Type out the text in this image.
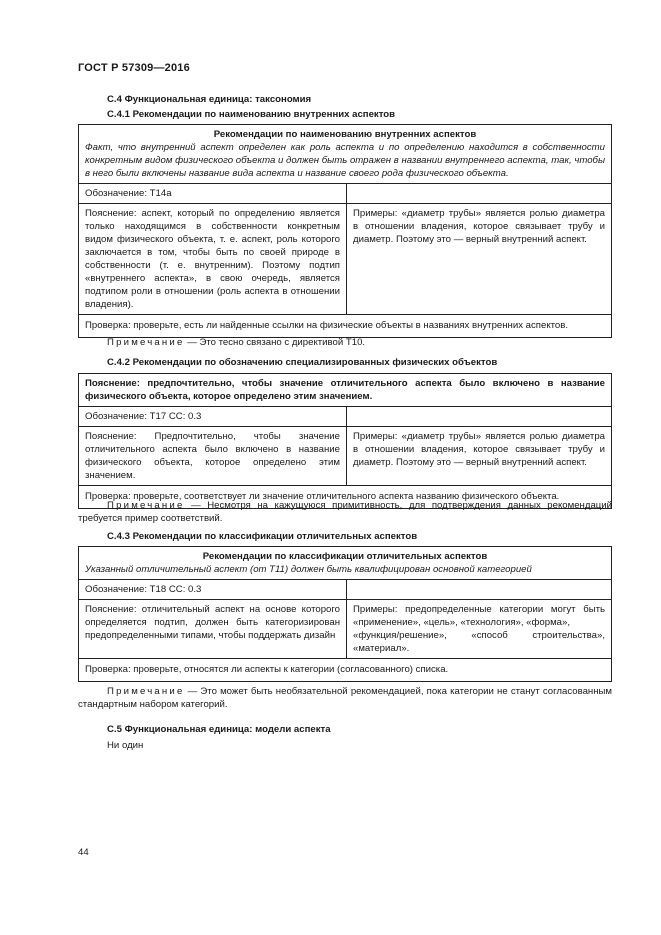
ГОСТ Р 57309—2016
С.4 Функциональная единица: таксономия
С.4.1 Рекомендации по наименованию внутренних аспектов

Рекомендации по наименованию внутренних аспектов

Факт, что внутренний аспект определен как роль аспекта и по определению находится в собственности конкретным видом физического объекта и должен быть отражен в названии внутреннего аспекта, так, чтобы в него были включены название вида аспекта и название своего рода физического объекта.

Обозначение: Т14а
Пояснение: аспект, который по определению является только находящимся в собственности конкретным видом физического объекта, т. е. аспект, роль которого заключается в том, чтобы быть по своей природе в собственности (т. е. внутренним). Поэтому подтип «внутреннего аспекта», в свою очередь, является подтипом роли в отношении (роль аспекта в отношении владения).
Примеры: «диаметр трубы» является ролью диаметра в отношении владения, которое связывает трубу и диаметр. Поэтому это — верный внутренний аспект.
Проверка: проверьте, есть ли найденные ссылки на физические объекты в названиях внутренних аспектов.
Примечание — Это тесно связано с директивой Т10.
С.4.2 Рекомендации по обозначению специализированных физических объектов
Пояснение: предпочтительно, чтобы значение отличительного аспекта было включено в название физического объекта, которое определено этим значением.
Обозначение: Т17 СС: 0.3
Пояснение: Предпочтительно, чтобы значение отличительного аспекта было включено в название физического объекта, которое определено этим значением.
Примеры: «диаметр трубы» является ролью диаметра в отношении владения, которое связывает трубу и диаметр. Поэтому это — верный внутренний аспект.
Проверка: проверьте, соответствует ли значение отличительного аспекта названию физического объекта.
Примечание — Несмотря на кажущуюся примитивность, для подтверждения данных рекомендаций требуется пример соответствий.
С.4.3 Рекомендации по классификации отличительных аспектов

Рекомендации по классификации отличительных аспектов

Указанный отличительный аспект (от Т11) должен быть квалифицирован основной категорией

Обозначение: Т18 СС: 0.3
Пояснение: отличительный аспект на основе которого определяется подтип, должен быть категоризирован предопределенными типами, чтобы поддержать дизайн

Примеры: предопределенные категории могут быть «применение», «цель», «технология», «форма»,

«функция/решение», «способ строительства», «материал».

Проверка: проверьте, относятся ли аспекты к категории (согласованного) списка.
Примечание — Это может быть необязательной рекомендацией, пока категории не станут согласованным стандартным набором категорий.
С.5 Функциональная единица: модели аспекта
Ни один
44
